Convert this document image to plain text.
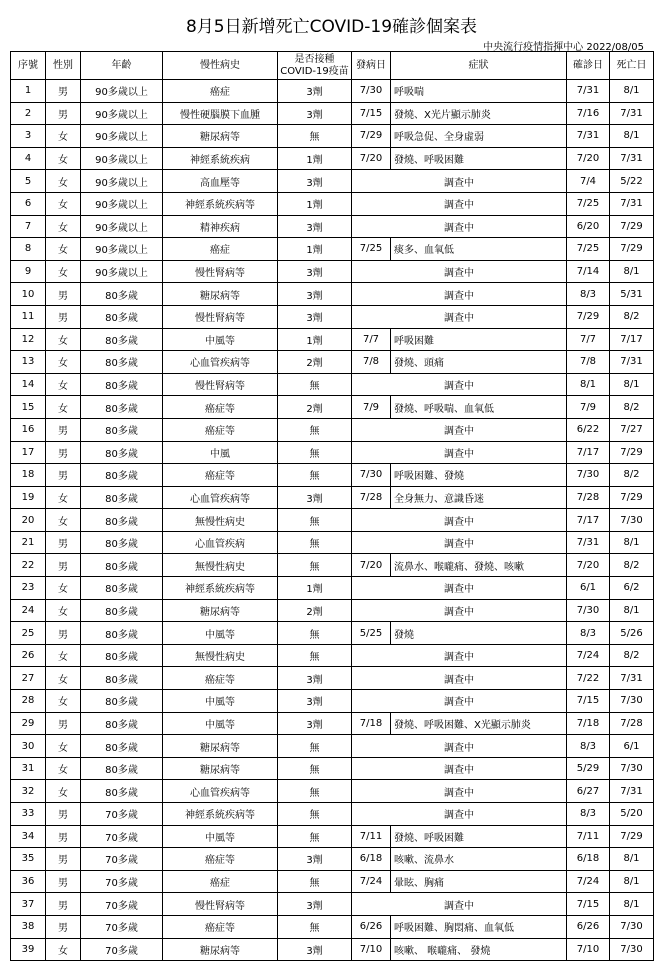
8月5日新增死亡COVID-19確診個案表
中央流行疫情指揮中心 2022/08/05
序號	性別	年齡	慢性病史	是否接種
COVID-19疫苗	發病日	症狀	確診日	死亡日
1	男	90多歲以上	癌症	3劑	7/30	呼吸喘	7/31	8/1
2	男	90多歲以上	慢性硬腦膜下血腫	3劑	7/15	發燒、X光片顯示肺炎	7/16	7/31
3	女	90多歲以上	糖尿病等	無	7/29	呼吸急促、全身虛弱	7/31	8/1
4	女	90多歲以上	神經系統疾病	1劑	7/20	發燒、呼吸困難	7/20	7/31
5	女	90多歲以上	高血壓等	3劑	調查中		7/4	5/22
6	女	90多歲以上	神經系統疾病等	1劑	調查中		7/25	7/31
7	女	90多歲以上	精神疾病	3劑	調查中		6/20	7/29
8	女	90多歲以上	癌症	1劑	7/25	痰多、血氧低	7/25	7/29
9	女	90多歲以上	慢性腎病等	3劑	調查中		7/14	8/1
10	男	80多歲	糖尿病等	3劑	調查中		8/3	5/31
11	男	80多歲	慢性腎病等	3劑	調查中		7/29	8/2
12	女	80多歲	中風等	1劑	7/7	呼吸困難	7/7	7/17
13	女	80多歲	心血管疾病等	2劑	7/8	發燒、頭痛	7/8	7/31
14	女	80多歲	慢性腎病等	無	調查中		8/1	8/1
15	女	80多歲	癌症等	2劑	7/9	發燒、呼吸喘、血氧低	7/9	8/2
16	男	80多歲	癌症等	無	調查中		6/22	7/27
17	男	80多歲	中風	無	調查中		7/17	7/29
18	男	80多歲	癌症等	無	7/30	呼吸困難、發燒	7/30	8/2
19	女	80多歲	心血管疾病等	3劑	7/28	全身無力、意識昏迷	7/28	7/29
20	女	80多歲	無慢性病史	無	調查中		7/17	7/30
21	男	80多歲	心血管疾病	無	調查中		7/31	8/1
22	男	80多歲	無慢性病史	無	7/20	流鼻水、喉嚨痛、發燒、咳嗽	7/20	8/2
23	女	80多歲	神經系統疾病等	1劑	調查中		6/1	6/2
24	女	80多歲	糖尿病等	2劑	調查中		7/30	8/1
25	男	80多歲	中風等	無	5/25	發燒	8/3	5/26
26	女	80多歲	無慢性病史	無	調查中		7/24	8/2
27	女	80多歲	癌症等	3劑	調查中		7/22	7/31
28	女	80多歲	中風等	3劑	調查中		7/15	7/30
29	男	80多歲	中風等	3劑	7/18	發燒、呼吸困難、X光顯示肺炎	7/18	7/28
30	女	80多歲	糖尿病等	無	調查中		8/3	6/1
31	女	80多歲	糖尿病等	無	調查中		5/29	7/30
32	女	80多歲	心血管疾病等	無	調查中		6/27	7/31
33	男	70多歲	神經系統疾病等	無	調查中		8/3	5/20
34	男	70多歲	中風等	無	7/11	發燒、呼吸困難	7/11	7/29
35	男	70多歲	癌症等	3劑	6/18	咳嗽、流鼻水	6/18	8/1
36	男	70多歲	癌症	無	7/24	暈眩、胸痛	7/24	8/1
37	男	70多歲	慢性腎病等	3劑	調查中		7/15	8/1
38	男	70多歲	癌症等	無	6/26	呼吸困難、胸悶痛、血氧低	6/26	7/30
39	女	70多歲	糖尿病等	3劑	7/10	咳嗽、 喉嚨痛、 發燒	7/10	7/30
